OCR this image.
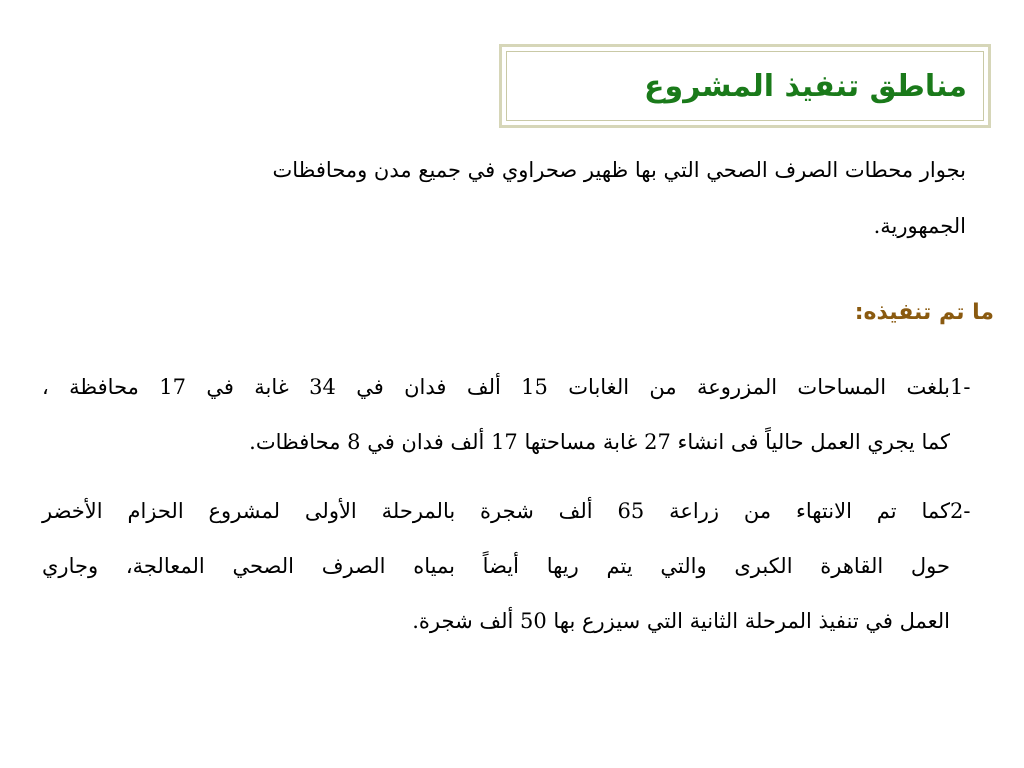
مناطق تنفيذ المشروع
بجوار محطات الصرف الصحي التي بها ظهير صحراوي في جميع مدن ومحافظات
الجمهورية.
ما تم تنفيذه:
1-بلغت المساحات المزروعة من الغابات 15 ألف فدان في 34 غابة في 17 محافظة ،
كما يجري العمل حالياً فى انشاء 27 غابة مساحتها 17 ألف فدان في 8 محافظات.
2-كما تم الانتهاء من زراعة 65 ألف شجرة بالمرحلة الأولى لمشروع الحزام الأخضر
حول القاهرة الكبرى والتي يتم ريها أيضاً بمياه الصرف الصحي المعالجة، وجاري
العمل في تنفيذ المرحلة الثانية التي سيزرع بها 50 ألف شجرة.
